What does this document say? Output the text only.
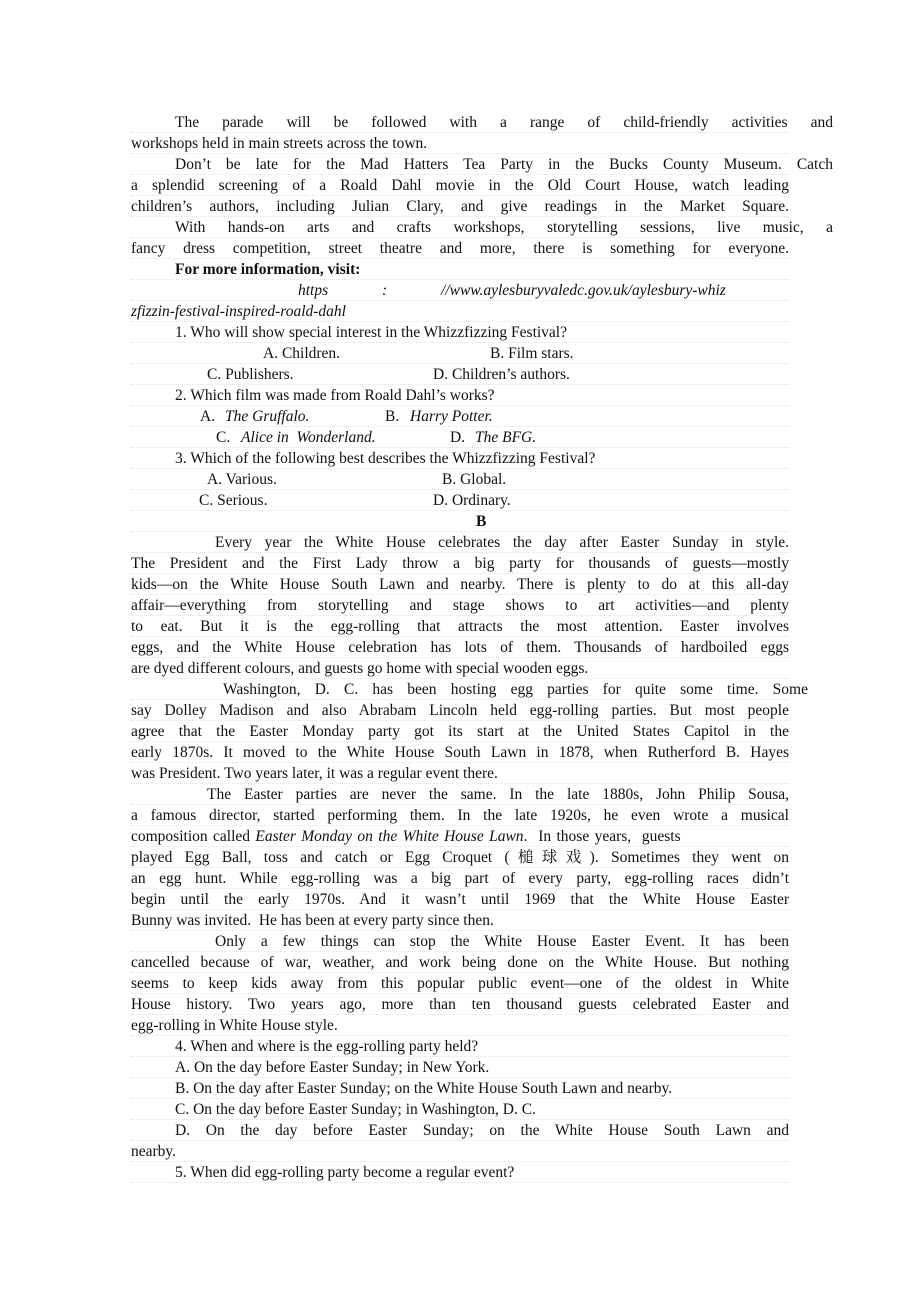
The parade will be followed with a range of child-friendly activities and
workshops held in main streets across the town.
Don’t be late for the Mad Hatters Tea Party in the Bucks County Museum. Catch
a splendid screening of a Roald Dahl movie in the Old Court House, watch leading
children’s authors, including Julian Clary, and give readings in the Market Square.
With hands-on arts and crafts workshops, storytelling sessions, live music, a
fancy dress competition, street theatre and more, there is something for everyone.
For more information, visit:
https	:	//www.aylesburyvaledc.gov.uk/aylesbury-whiz
zfizzin-festival-inspired-roald-dahl
1. Who will show special interest in the Whizzfizzing Festival?
A. Children.	B. Film stars.
C. Publishers.	D. Children’s authors.
2. Which film was made from Roald Dahl’s works?
A. The Gruffalo.	B. Harry Potter.
C. Alice in  Wonderland.	D. The BFG.
3. Which of the following best describes the Whizzfizzing Festival?
A. Various.	B. Global.
C. Serious.	D. Ordinary.
B
Every year the White House celebrates the day after Easter Sunday in style.
The President and the First Lady throw a big party for thousands of guests—mostly
kids—on the White House South Lawn and nearby. There is plenty to do at this all-day
affair—everything from storytelling and stage shows to art activities—and plenty
to eat. But it is the egg-rolling that attracts the most attention. Easter involves
eggs, and the White House celebration has lots of them. Thousands of hardboiled eggs
are dyed different colours, and guests go home with special wooden eggs.
Washington, D. C. has been hosting egg parties for quite some time. Some
say Dolley Madison and also Abrabam Lincoln held egg-rolling parties. But most people
agree that the Easter Monday party got its start at the United States Capitol in the
early 1870s. It moved to the White House South Lawn in 1878, when Rutherford B. Hayes
was President. Two years later, it was a regular event there.
The Easter parties are never the same. In the late 1880s, John Philip Sousa,
a famous director, started performing them. In the late 1920s, he even wrote a musical
composition called Easter Monday on the White House Lawn.  In those years,  guests
played Egg Ball, toss and catch or Egg Croquet (槌球戏). Sometimes they went on
an egg hunt. While egg-rolling was a big part of every party, egg-rolling races didn’t
begin until the early 1970s. And it wasn’t until 1969 that the White House Easter
Bunny was invited.  He has been at every party since then.
Only a few things can stop the White House Easter Event. It has been
cancelled because of war, weather, and work being done on the White House. But nothing
seems to keep kids away from this popular public event—one of the oldest in White
House history. Two years ago, more than ten thousand guests celebrated Easter and
egg-rolling in White House style.
4. When and where is the egg-rolling party held?
A. On the day before Easter Sunday; in New York.
B. On the day after Easter Sunday; on the White House South Lawn and nearby.
C. On the day before Easter Sunday; in Washington, D. C.
D. On the day before Easter Sunday; on the White House South Lawn and
nearby.
5. When did egg-rolling party become a regular event?
